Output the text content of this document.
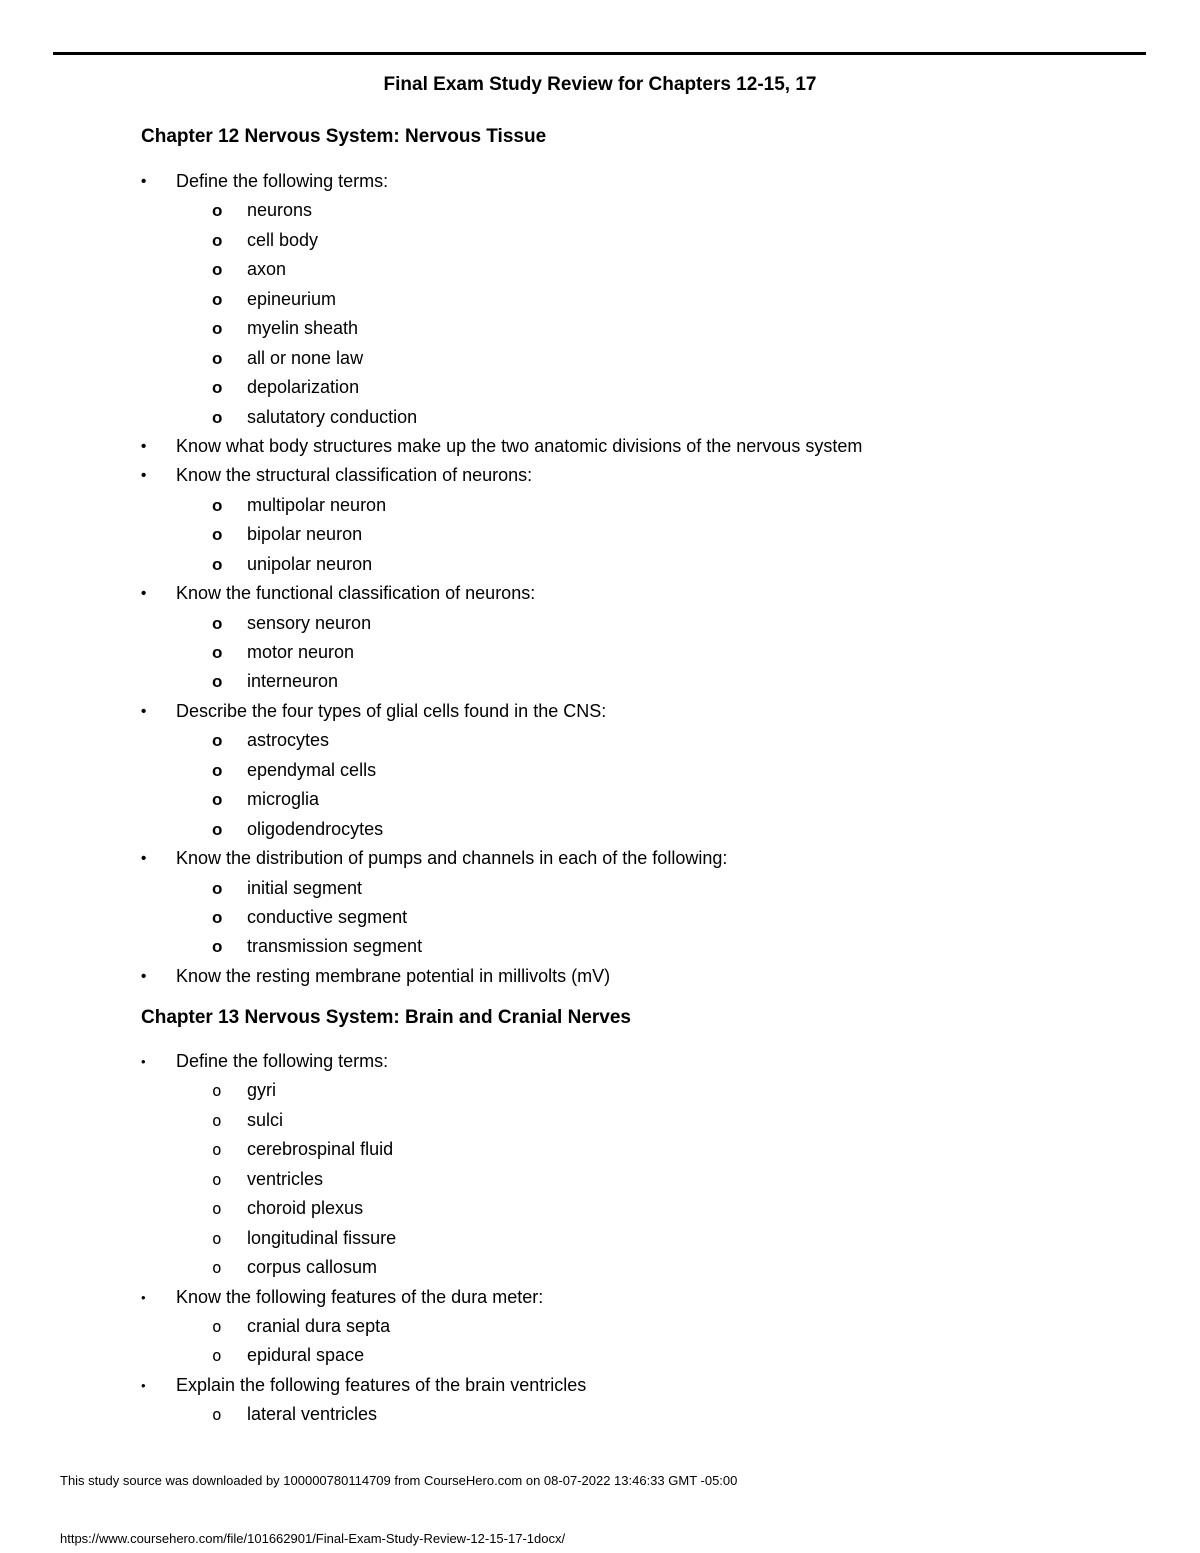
Final Exam Study Review for Chapters 12-15, 17
Chapter 12 Nervous System: Nervous Tissue
• Define the following terms:
o neurons
o cell body
o axon
o epineurium
o myelin sheath
o all or none law
o depolarization
o salutatory conduction
• Know what body structures make up the two anatomic divisions of the nervous system
• Know the structural classification of neurons:
o multipolar neuron
o bipolar neuron
o unipolar neuron
• Know the functional classification of neurons:
o sensory neuron
o motor neuron
o interneuron
• Describe the four types of glial cells found in the CNS:
o astrocytes
o ependymal cells
o microglia
o oligodendrocytes
• Know the distribution of pumps and channels in each of the following:
o initial segment
o conductive segment
o transmission segment
• Know the resting membrane potential in millivolts (mV)
Chapter 13 Nervous System: Brain and Cranial Nerves
• Define the following terms:
o gyri
o sulci
o cerebrospinal fluid
o ventricles
o choroid plexus
o longitudinal fissure
o corpus callosum
• Know the following features of the dura meter:
o cranial dura septa
o epidural space
• Explain the following features of the brain ventricles
o lateral ventricles
This study source was downloaded by 100000780114709 from CourseHero.com on 08-07-2022 13:46:33 GMT -05:00
https://www.coursehero.com/file/101662901/Final-Exam-Study-Review-12-15-17-1docx/
